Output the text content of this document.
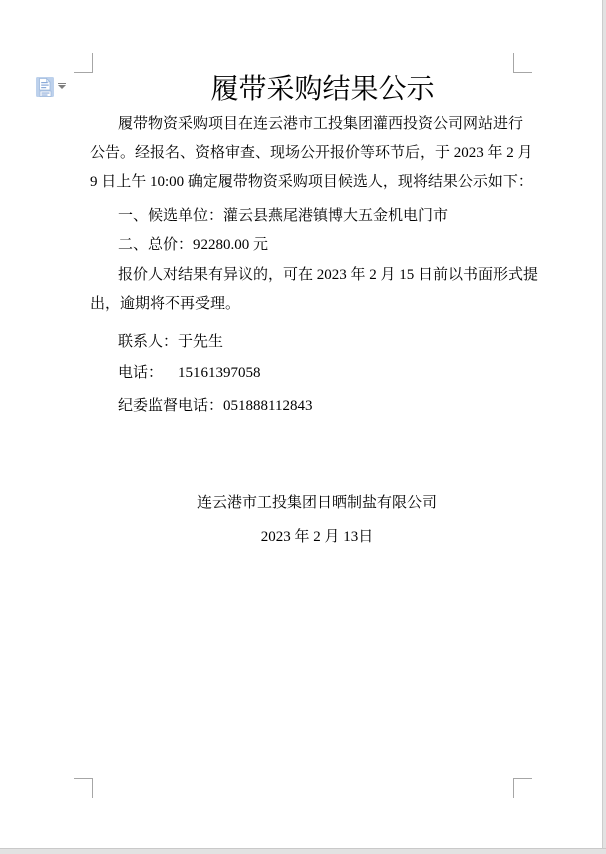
履带采购结果公示
履带物资采购项目在连云港市工投集团灌西投资公司网站进行
公告。经报名、资格审查、现场公开报价等环节后，于 2023 年 2 月
9 日上午 10:00 确定履带物资采购项目候选人，现将结果公示如下：
一、候选单位：灌云县燕尾港镇博大五金机电门市
二、总价：92280.00 元
报价人对结果有异议的，可在 2023 年 2 月 15 日前以书面形式提
出，逾期将不再受理。
联系人：于先生
电话：    15161397058
纪委监督电话：051888112843
连云港市工投集团日晒制盐有限公司
2023 年 2 月 13日
